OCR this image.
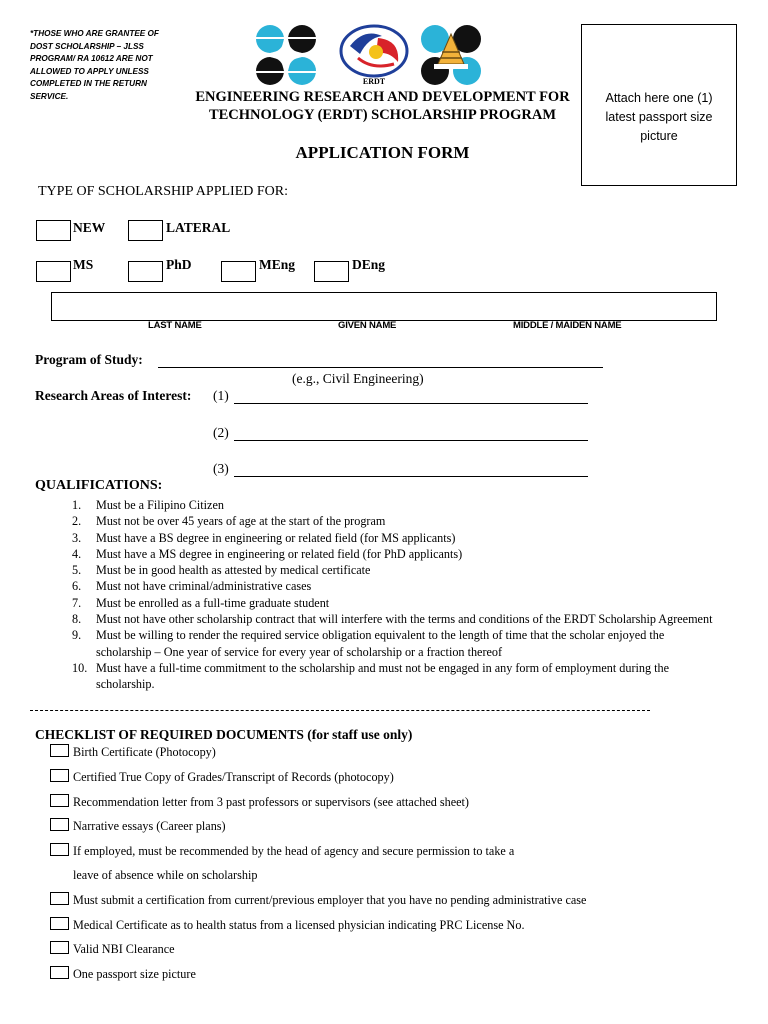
*THOSE WHO ARE GRANTEE OF
DOST SCHOLARSHIP – JLSS
PROGRAM/ RA 10612 ARE NOT
ALLOWED TO APPLY UNLESS
COMPLETED IN THE RETURN
SERVICE.
ERDT
ENGINEERING RESEARCH AND DEVELOPMENT FOR
TECHNOLOGY (ERDT) SCHOLARSHIP PROGRAM
Attach here one (1)
latest passport size
picture
APPLICATION FORM
TYPE OF SCHOLARSHIP APPLIED FOR:
NEW	LATERAL
MS	PhD	MEng	DEng
LAST NAME	GIVEN NAME	MIDDLE / MAIDEN NAME
Program of Study:
(e.g., Civil Engineering)
Research Areas of Interest: (1)
(2)
(3)
QUALIFICATIONS:
1.	Must be a Filipino Citizen
2.	Must not be over 45 years of age at the start of the program
3.	Must have a BS degree in engineering or related field (for MS applicants)
4.	Must have a MS degree in engineering or related field (for PhD applicants)
5.	Must be in good health as attested by medical certificate
6.	Must not have criminal/administrative cases
7.	Must be enrolled as a full-time graduate student
8.	Must not have other scholarship contract that will interfere with the terms and conditions of the ERDT Scholarship Agreement
9.	Must be willing to render the required service obligation equivalent to the length of time that the scholar enjoyed the scholarship – One year of service for every year of scholarship or a fraction thereof
10. Must have a full-time commitment to the scholarship and must not be engaged in any form of employment during the scholarship.
CHECKLIST OF REQUIRED DOCUMENTS (for staff use only)
Birth Certificate (Photocopy)
Certified True Copy of Grades/Transcript of Records (photocopy)
Recommendation letter from 3 past professors or supervisors (see attached sheet)
Narrative essays (Career plans)
If employed, must be recommended by the head of agency and secure permission to take a
leave of absence while on scholarship
Must submit a certification from current/previous employer that you have no pending administrative case
Medical Certificate as to health status from a licensed physician indicating PRC License No.
Valid NBI Clearance
One passport size picture
